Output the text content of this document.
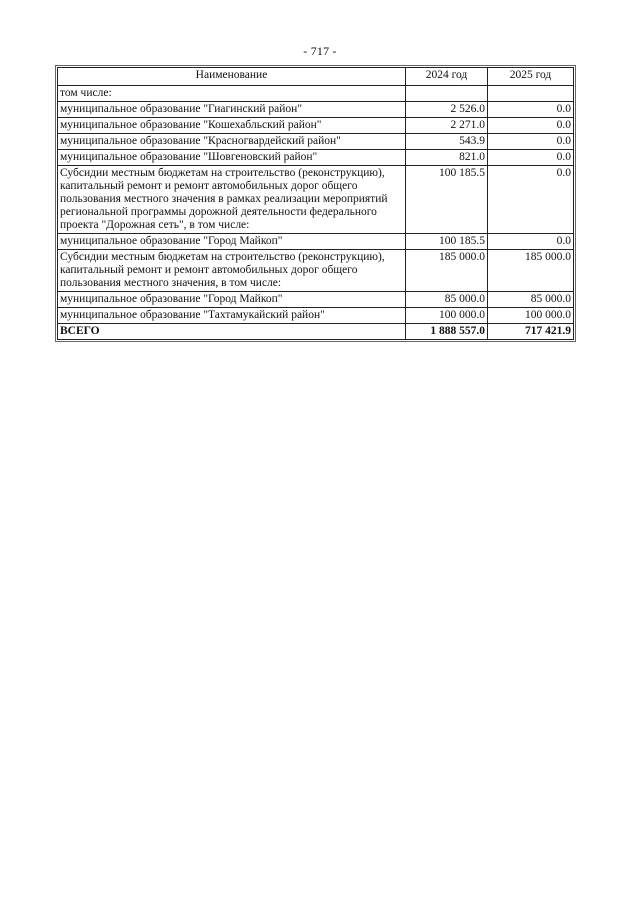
- 717 -
Наименование	2024 год	2025 год
том числе:		
муниципальное образование "Гиагинский район"	2 526.0	0.0
муниципальное образование "Кошехабльский район"	2 271.0	0.0
муниципальное образование "Красногвардейский район"	543.9	0.0
муниципальное образование "Шовгеновский район"	821.0	0.0
Субсидии местным бюджетам на строительство (реконструкцию), капитальный ремонт и ремонт автомобильных дорог общего пользования местного значения в рамках реализации мероприятий региональной программы дорожной деятельности федерального проекта "Дорожная сеть", в том числе:	100 185.5	0.0
муниципальное образование "Город Майкоп"	100 185.5	0.0
Субсидии местным бюджетам на строительство (реконструкцию), капитальный ремонт и ремонт автомобильных дорог общего пользования местного значения, в том числе:	185 000.0	185 000.0
муниципальное образование "Город Майкоп"	85 000.0	85 000.0
муниципальное образование "Тахтамукайский район"	100 000.0	100 000.0
ВСЕГО	1 888 557.0	717 421.9
